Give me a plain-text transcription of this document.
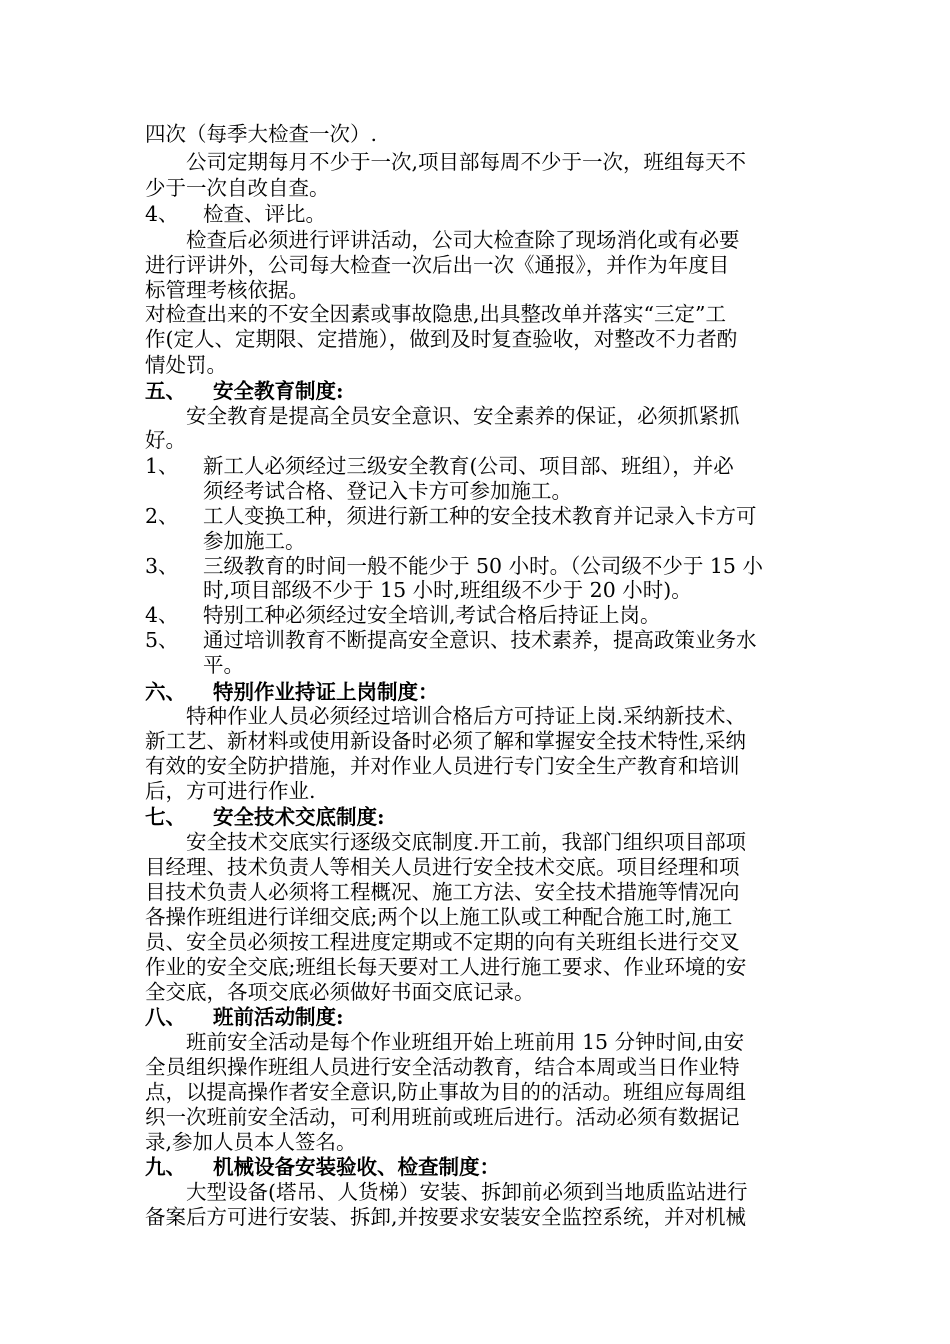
四次（每季大检查一次）.
公司定期每月不少于一次,项目部每周不少于一次，班组每天不
少于一次自改自查。
4、 检查、评比。
检查后必须进行评讲活动，公司大检查除了现场消化或有必要
进行评讲外，公司每大检查一次后出一次《通报》，并作为年度目
标管理考核依据。
对检查出来的不安全因素或事故隐患,出具整改单并落实“三定”工
作(定人、定期限、定措施），做到及时复查验收，对整改不力者酌
情处罚。
五、 安全教育制度:
安全教育是提高全员安全意识、安全素养的保证，必须抓紧抓
好。
1、 新工人必须经过三级安全教育(公司、项目部、班组），并必
须经考试合格、登记入卡方可参加施工。
2、 工人变换工种，须进行新工种的安全技术教育并记录入卡方可
参加施工。
3、 三级教育的时间一般不能少于 50 小时。（公司级不少于 15 小
时,项目部级不少于 15 小时,班组级不少于 20 小时)。
4、 特别工种必须经过安全培训,考试合格后持证上岗。
5、 通过培训教育不断提高安全意识、技术素养，提高政策业务水
平。
六、 特别作业持证上岗制度：
特种作业人员必须经过培训合格后方可持证上岗.采纳新技术、
新工艺、新材料或使用新设备时必须了解和掌握安全技术特性,采纳
有效的安全防护措施，并对作业人员进行专门安全生产教育和培训
后，方可进行作业.
七、 安全技术交底制度:
安全技术交底实行逐级交底制度.开工前，我部门组织项目部项
目经理、技术负责人等相关人员进行安全技术交底。项目经理和项
目技术负责人必须将工程概况、施工方法、安全技术措施等情况向
各操作班组进行详细交底;两个以上施工队或工种配合施工时,施工
员、安全员必须按工程进度定期或不定期的向有关班组长进行交叉
作业的安全交底;班组长每天要对工人进行施工要求、作业环境的安
全交底，各项交底必须做好书面交底记录。
八、 班前活动制度:
班前安全活动是每个作业班组开始上班前用 15 分钟时间,由安
全员组织操作班组人员进行安全活动教育，结合本周或当日作业特
点，以提高操作者安全意识,防止事故为目的的活动。班组应每周组
织一次班前安全活动，可利用班前或班后进行。活动必须有数据记
录,参加人员本人签名。
九、 机械设备安装验收、检查制度：
大型设备(塔吊、人货梯）安装、拆卸前必须到当地质监站进行
备案后方可进行安装、拆卸,并按要求安装安全监控系统，并对机械
